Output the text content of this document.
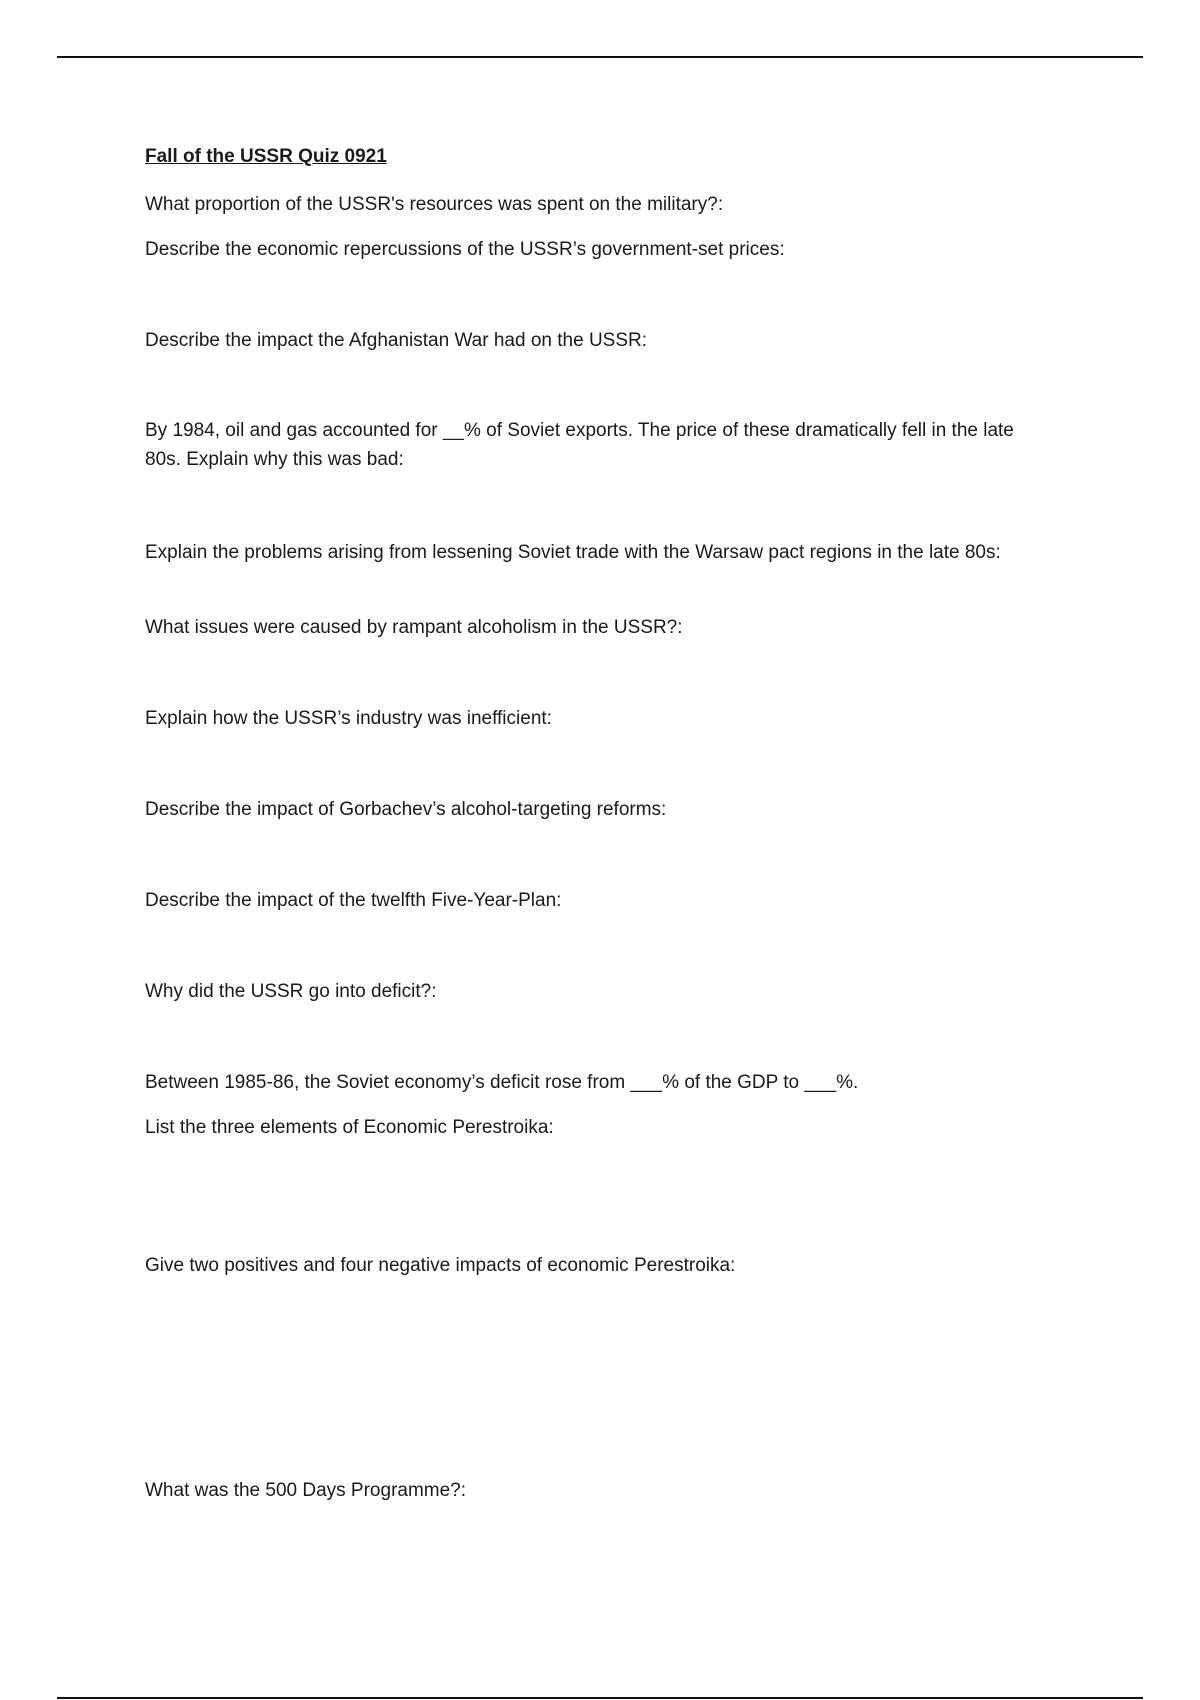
Fall of the USSR Quiz 0921

What proportion of the USSR's resources was spent on the military?:

Describe the economic repercussions of the USSR’s government-set prices:

Describe the impact the Afghanistan War had on the USSR:

By 1984, oil and gas accounted for __% of Soviet exports. The price of these dramatically fell in the late 80s. Explain why this was bad:

Explain the problems arising from lessening Soviet trade with the Warsaw pact regions in the late 80s:

What issues were caused by rampant alcoholism in the USSR?:

Explain how the USSR’s industry was inefficient:

Describe the impact of Gorbachev’s alcohol-targeting reforms:

Describe the impact of the twelfth Five-Year-Plan:

Why did the USSR go into deficit?:

Between 1985-86, the Soviet economy’s deficit rose from ___% of the GDP to ___%.

List the three elements of Economic Perestroika:

Give two positives and four negative impacts of economic Perestroika:

What was the 500 Days Programme?:
